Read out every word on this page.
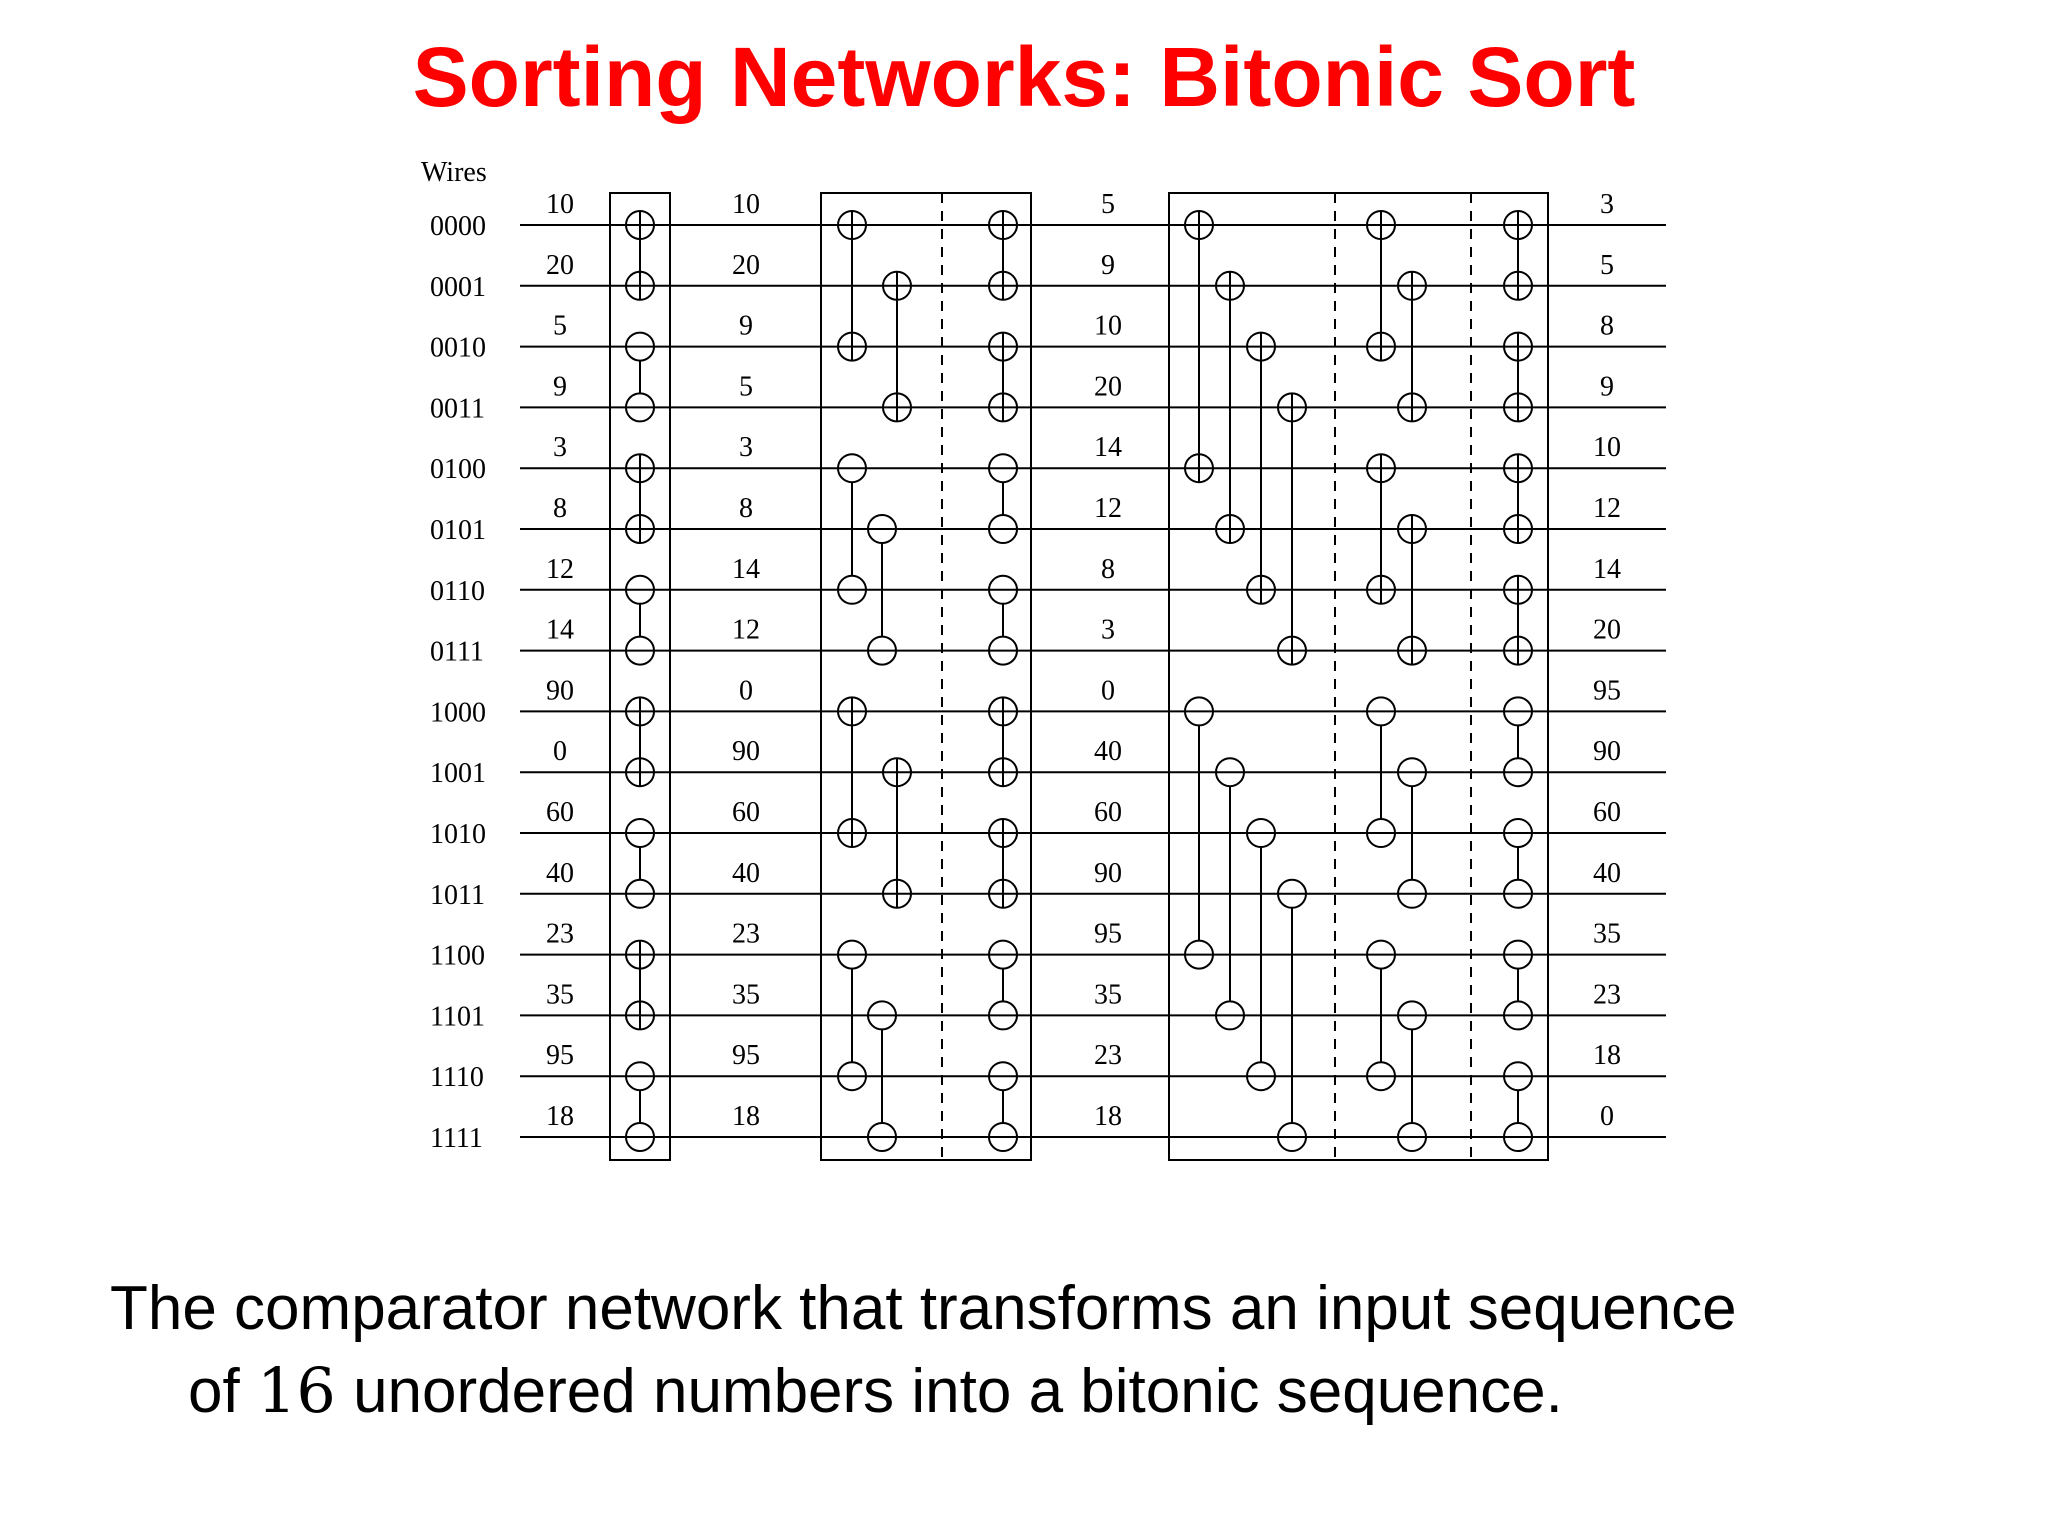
Sorting Networks: Bitonic Sort
Wires
0000
0001
0010
0011
0100
0101
0110
0111
1000
1001
1010
1011
1100
1101
1110
1111
10
20
5
9
3
8
12
14
90
0
60
40
23
35
95
18
10
20
9
5
3
8
14
12
0
90
60
40
23
35
95
18
5
9
10
20
14
12
8
3
0
40
60
90
95
35
23
18
3
5
8
9
10
12
14
20
95
90
60
40
35
23
18
0
The comparator network that transforms an input sequence
of 16 unordered numbers into a bitonic sequence.
